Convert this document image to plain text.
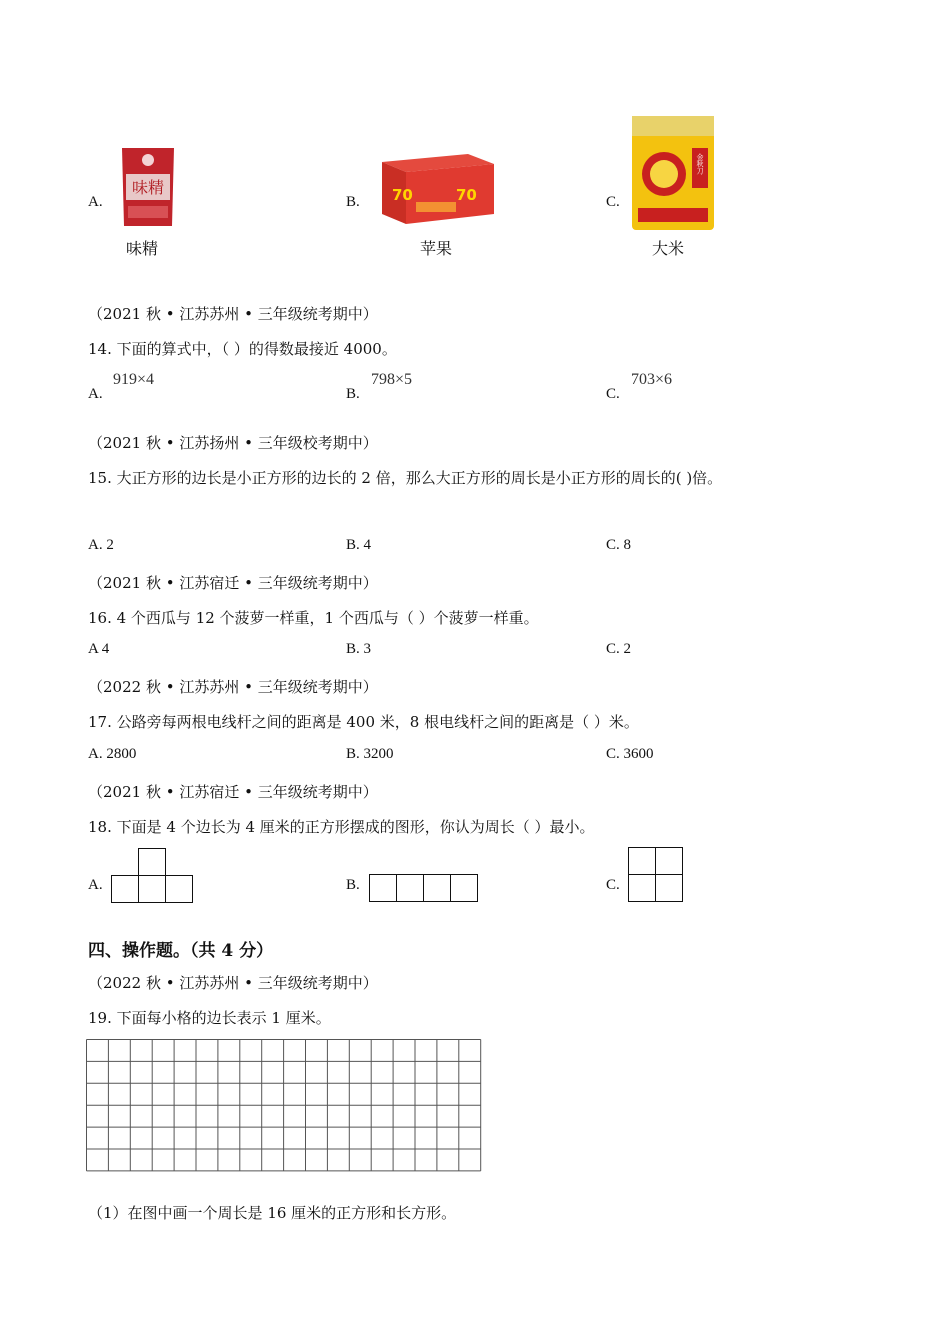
A.
味精
味精
B. 70	70
苹果
C.
金秋刀
大米
（2021 秋 • 江苏苏州 • 三年级统考期中）
14. 下面的算式中，（ ）的得数最接近 4000。
A.
919×4
B.
798×5
C.
703×6
（2021 秋 • 江苏扬州 • 三年级校考期中）
15. 大正方形的边长是小正方形的边长的 2 倍，那么大正方形的周长是小正方形的周长的( )倍。
A. 2	B. 4	C. 8
（2021 秋 • 江苏宿迁 • 三年级统考期中）
16. 4 个西瓜与 12 个菠萝一样重，1 个西瓜与（ ）个菠萝一样重。
A 4	B. 3	C. 2
（2022 秋 • 江苏苏州 • 三年级统考期中）
17. 公路旁每两根电线杆之间的距离是 400 米，8 根电线杆之间的距离是（ ）米。
A. 2800	B. 3200	C. 3600
（2021 秋 • 江苏宿迁 • 三年级统考期中）
18. 下面是 4 个边长为 4 厘米的正方形摆成的图形，你认为周长（ ）最小。
A.	B.	C.
四、操作题。（共 4 分）
（2022 秋 • 江苏苏州 • 三年级统考期中）
19. 下面每小格的边长表示 1 厘米。
（1）在图中画一个周长是 16 厘米的正方形和长方形。
